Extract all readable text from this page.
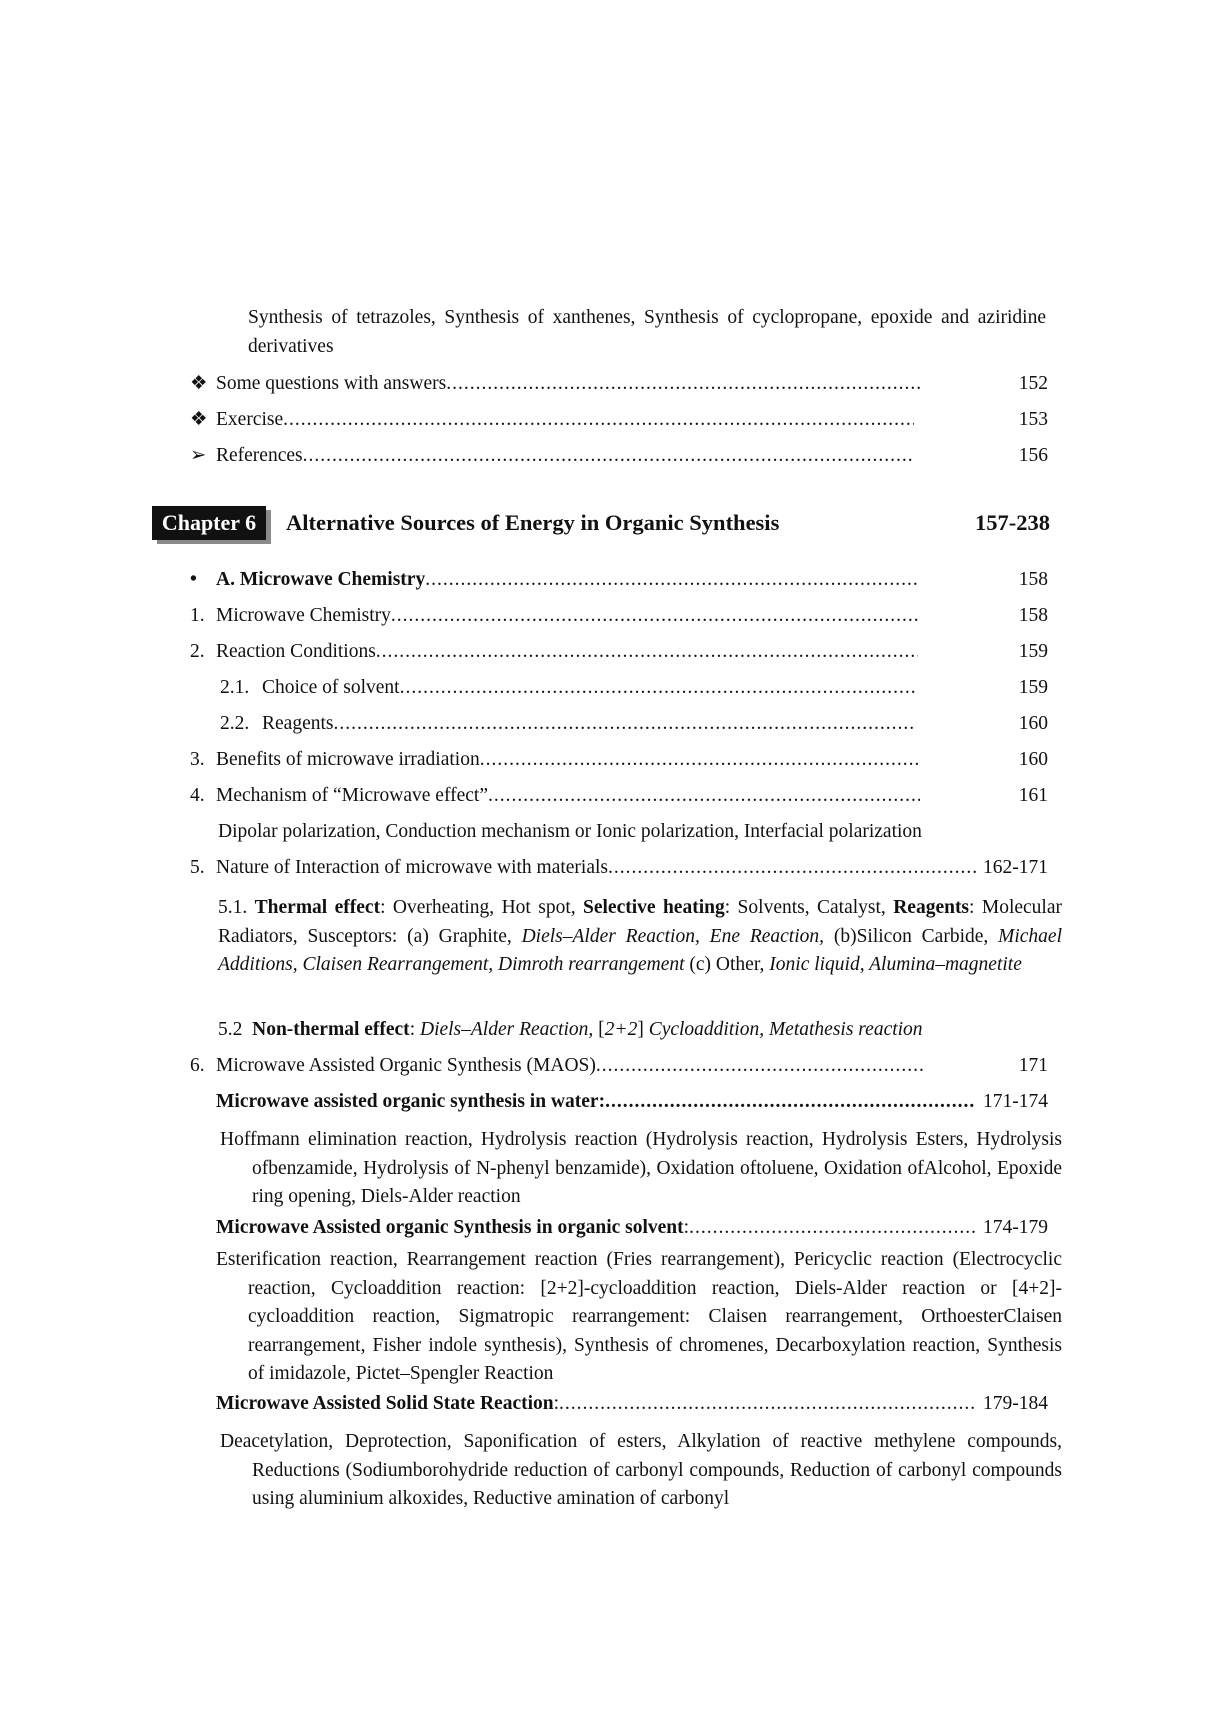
Synthesis of tetrazoles, Synthesis of xanthenes, Synthesis of cyclopropane, epoxide and aziridine derivatives
❖ Some questions with answers .....	152
❖ Exercise .....	153
➢ References .....	156
Chapter 6	Alternative Sources of Energy in Organic Synthesis	157-238
• A. Microwave Chemistry .....	158
1. Microwave Chemistry .....	158
2. Reaction Conditions .....	159
2.1. Choice of solvent .....	159
2.2. Reagents .....	160
3. Benefits of microwave irradiation .....	160
4. Mechanism of “Microwave effect” .....	161
Dipolar polarization, Conduction mechanism or Ionic polarization, Interfacial polarization
5. Nature of Interaction of microwave with materials .....	162-171
5.1. Thermal effect: Overheating, Hot spot, Selective heating: Solvents, Catalyst, Reagents: Molecular Radiators, Susceptors: (a) Graphite, Diels–Alder Reaction, Ene Reaction, (b)Silicon Carbide, Michael Additions, Claisen Rearrangement, Dimroth rearrangement (c) Other, Ionic liquid, Alumina–magnetite
5.2 Non-thermal effect: Diels–Alder Reaction, [2+2] Cycloaddition, Metathesis reaction
6. Microwave Assisted Organic Synthesis (MAOS) .....	171
Microwave assisted organic synthesis in water: .....	171-174
Hoffmann elimination reaction, Hydrolysis reaction (Hydrolysis reaction, Hydrolysis Esters, Hydrolysis ofbenzamide, Hydrolysis of N-phenyl benzamide), Oxidation oftoluene, Oxidation ofAlcohol, Epoxide ring opening, Diels-Alder reaction
Microwave Assisted organic Synthesis in organic solvent : .....	174-179
Esterification reaction, Rearrangement reaction (Fries rearrangement), Pericyclic reaction (Electrocyclic reaction, Cycloaddition reaction: [2+2]-cycloaddition reaction, Diels-Alder reaction or [4+2]-cycloaddition reaction, Sigmatropic rearrangement: Claisen rearrangement, OrthoesterClaisen rearrangement, Fisher indole synthesis), Synthesis of chromenes, Decarboxylation reaction, Synthesis of imidazole, Pictet–Spengler Reaction
Microwave Assisted Solid State Reaction : .....	179-184
Deacetylation, Deprotection, Saponification of esters, Alkylation of reactive methylene compounds, Reductions (Sodiumborohydride reduction of carbonyl compounds, Reduction of carbonyl compounds using aluminium alkoxides, Reductive amination of carbonyl
